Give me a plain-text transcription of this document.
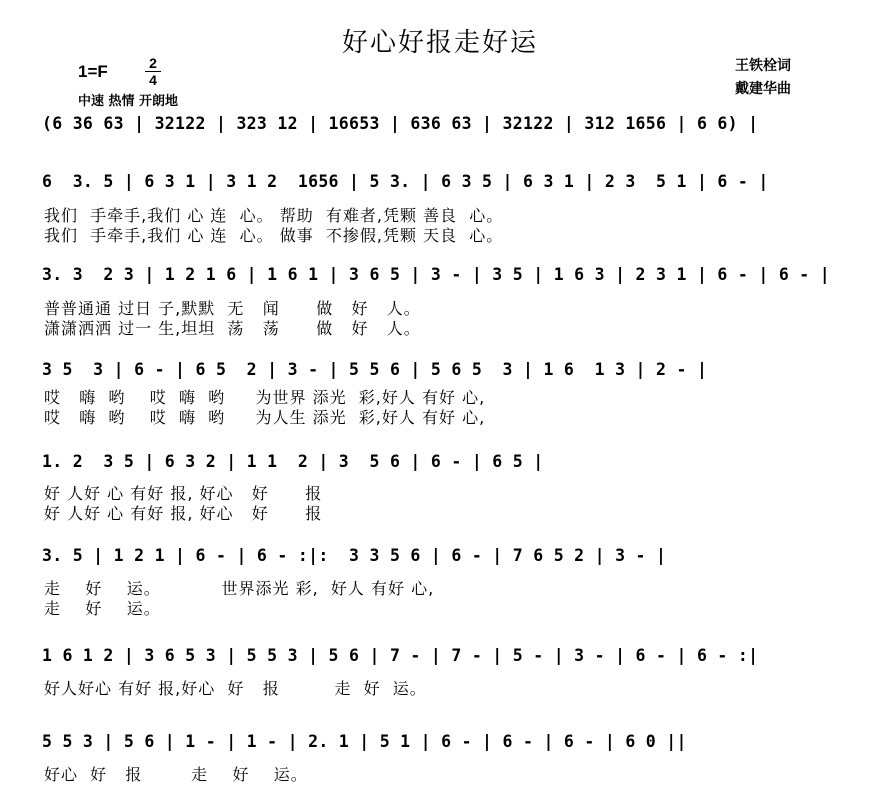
好心好报走好运
1=F	2
4
中速 热情 开朗地
王铁栓词
戴建华曲
(6 36 63 | 32122 | 323 12 | 16653 | 636 63 | 32122 | 312 1656 | 6 6) |
6  3. 5 | 6 3 1 | 3 1 2  1656 | 5 3. | 6 3 5 | 6 3 1 | 2 3  5 1 | 6 - |
我们  手牵手,我们 心 连  心。 帮助  有难者,凭颗 善良  心。
我们  手牵手,我们 心 连  心。 做事  不掺假,凭颗 天良  心。
3. 3  2 3 | 1 2 1 6 | 1 6 1 | 3 6 5 | 3 - | 3 5 | 1 6 3 | 2 3 1 | 6 - | 6 - |
普普通通 过日 子,默默  无   闻      做   好   人。
潇潇洒洒 过一 生,坦坦  荡   荡      做   好   人。
3 5  3 | 6 - | 6 5  2 | 3 - | 5 5 6 | 5 6 5  3 | 1 6  1 3 | 2 - |
哎   嗨  哟    哎  嗨  哟     为世界 添光  彩,好人 有好 心,
哎   嗨  哟    哎  嗨  哟     为人生 添光  彩,好人 有好 心,
1. 2  3 5 | 6 3 2 | 1 1  2 | 3  5 6 | 6 - | 6 5 |
好 人好 心 有好 报, 好心   好      报
好 人好 心 有好 报, 好心   好      报
3. 5 | 1 2 1 | 6 - | 6 - :|:  3 3 5 6 | 6 - | 7 6 5 2 | 3 - |
走    好    运。          世界添光 彩,  好人 有好 心,
走    好    运。
1 6 1 2 | 3 6 5 3 | 5 5 3 | 5 6 | 7 - | 7 - | 5 - | 3 - | 6 - | 6 - :|
好人好心 有好 报,好心  好   报         走  好  运。
5 5 3 | 5 6 | 1 - | 1 - | 2. 1 | 5 1 | 6 - | 6 - | 6 - | 6 0 ||
好心  好   报        走    好    运。
